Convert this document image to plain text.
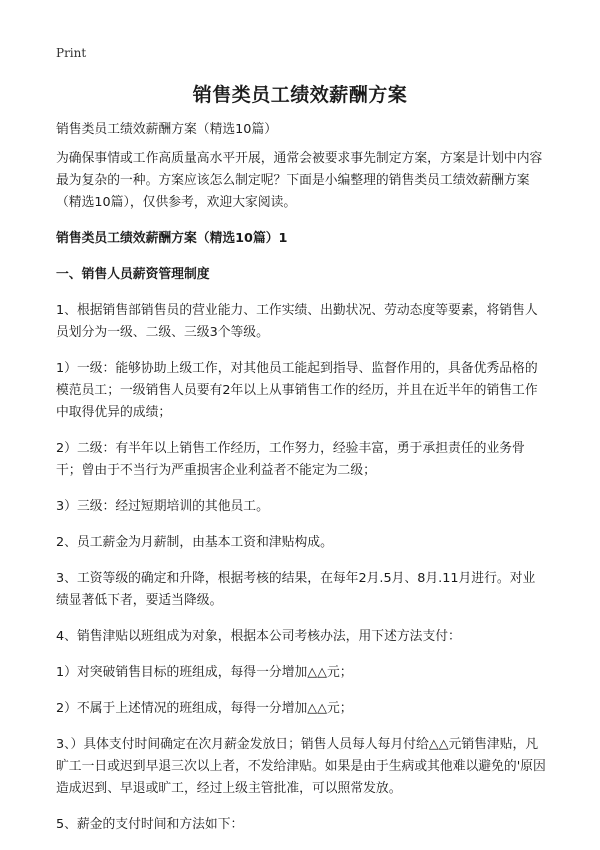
Print
销售类员工绩效薪酬方案

销售类员工绩效薪酬方案（精选10篇）

为确保事情或工作高质量高水平开展，通常会被要求事先制定方案，方案是计划中内容最为复杂的一种。方案应该怎么制定呢？下面是小编整理的销售类员工绩效薪酬方案（精选10篇），仅供参考，欢迎大家阅读。

销售类员工绩效薪酬方案（精选10篇）1

一、销售人员薪资管理制度

1、根据销售部销售员的营业能力、工作实绩、出勤状况、劳动态度等要素，将销售人员划分为一级、二级、三级3个等级。

1）一级：能够协助上级工作，对其他员工能起到指导、监督作用的，具备优秀品格的模范员工；一级销售人员要有2年以上从事销售工作的经历，并且在近半年的销售工作中取得优异的成绩；

2）二级：有半年以上销售工作经历，工作努力，经验丰富，勇于承担责任的业务骨干；曾由于不当行为严重损害企业利益者不能定为二级；

3）三级：经过短期培训的其他员工。

2、员工薪金为月薪制，由基本工资和津贴构成。

3、工资等级的确定和升降，根据考核的结果，在每年2月.5月、8月.11月进行。对业绩显著低下者，要适当降级。

4、销售津贴以班组成为对象，根据本公司考核办法，用下述方法支付：

1）对突破销售目标的班组成，每得一分增加△△元；

2）不属于上述情况的班组成，每得一分增加△△元；

3、）具体支付时间确定在次月薪金发放日；销售人员每人每月付给△△元销售津贴，凡旷工一日或迟到早退三次以上者，不发给津贴。如果是由于生病或其他难以避免的'原因造成迟到、早退或旷工，经过上级主管批准，可以照常发放。

5、薪金的支付时间和方法如下：
